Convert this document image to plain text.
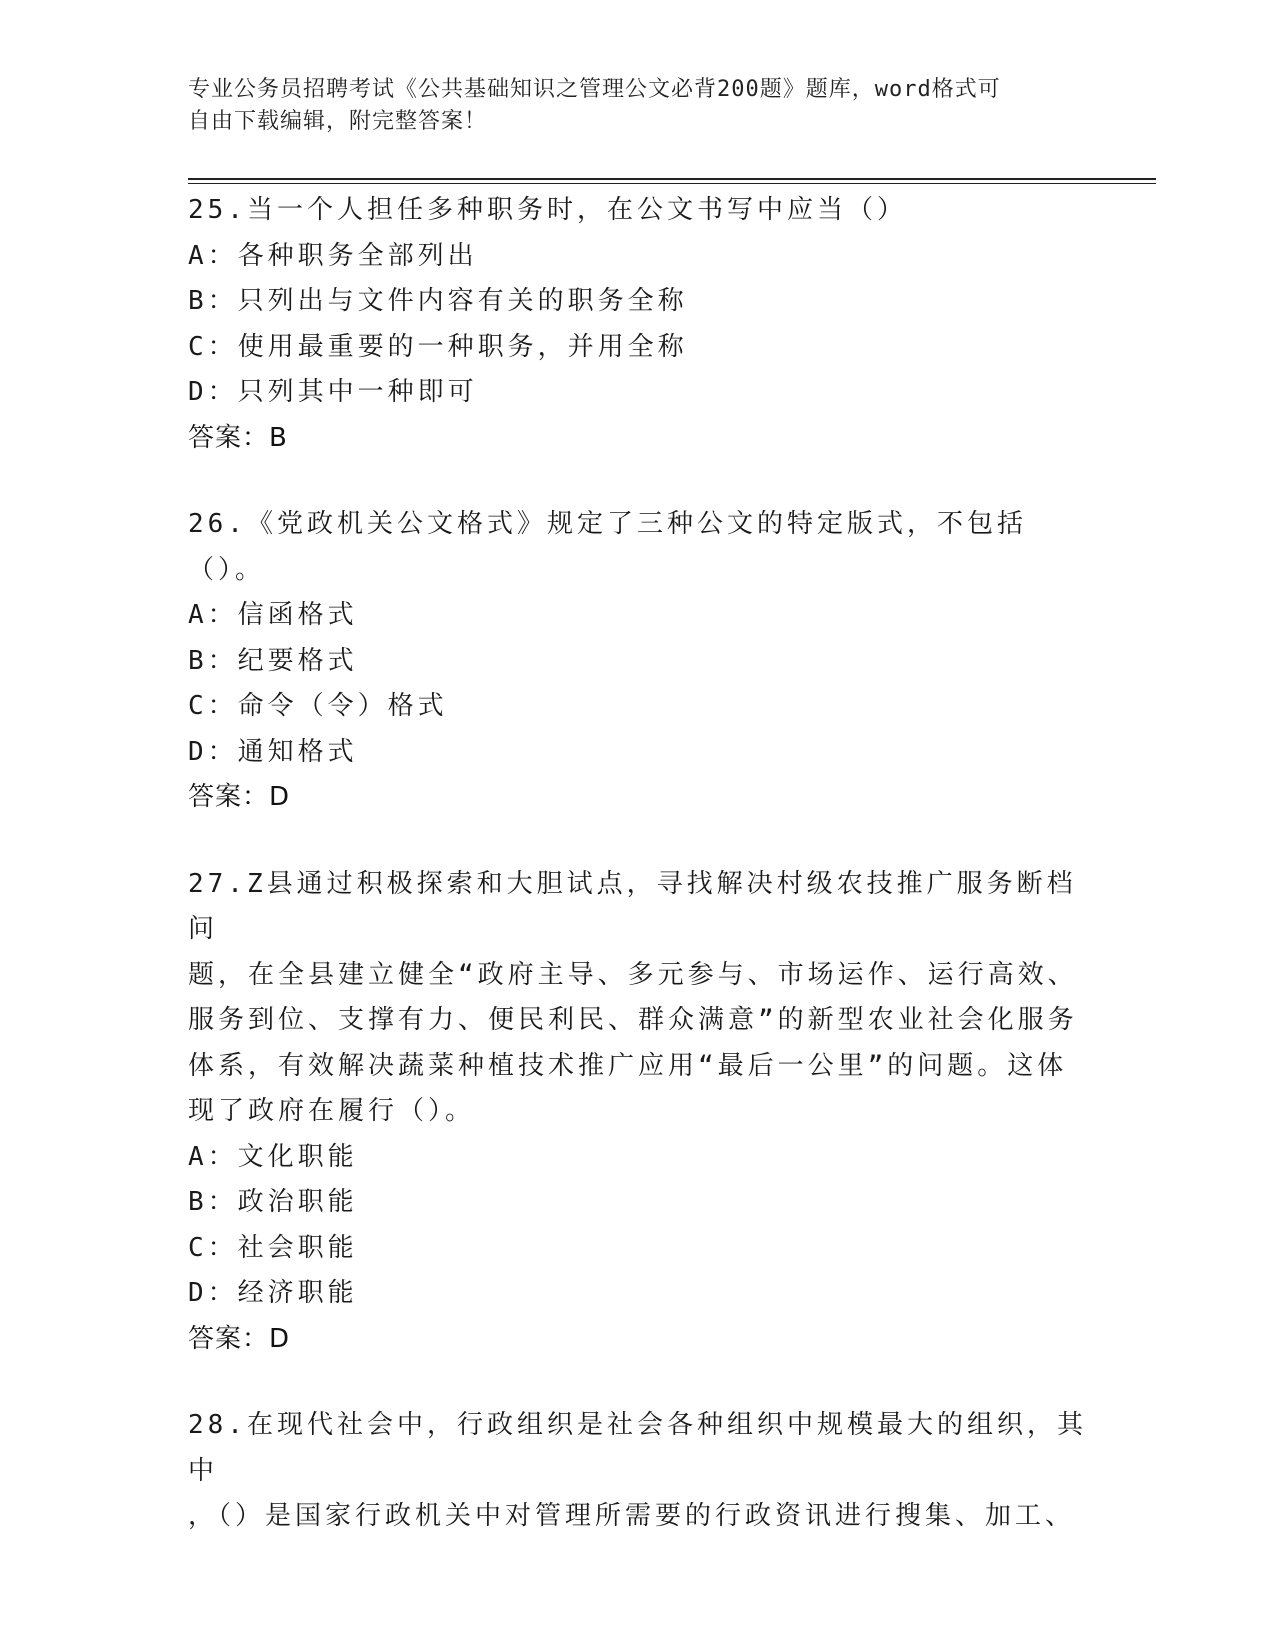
专业公务员招聘考试《公共基础知识之管理公文必背200题》题库，word格式可
自由下载编辑，附完整答案！

25.当一个人担任多种职务时，在公文书写中应当（）

A：各种职务全部列出

B：只列出与文件内容有关的职务全称

C：使用最重要的一种职务，并用全称

D：只列其中一种即可

答案：B

26.《党政机关公文格式》规定了三种公文的特定版式，不包括（）。

A：信函格式

B：纪要格式

C：命令（令）格式

D：通知格式

答案：D

27.Z县通过积极探索和大胆试点，寻找解决村级农技推广服务断档问

题，在全县建立健全“政府主导、多元参与、市场运作、运行高效、

服务到位、支撑有力、便民利民、群众满意”的新型农业社会化服务

体系，有效解决蔬菜种植技术推广应用“最后一公里”的问题。这体

现了政府在履行（）。

A：文化职能

B：政治职能

C：社会职能

D：经济职能

答案：D

28.在现代社会中，行政组织是社会各种组织中规模最大的组织，其中

，（）是国家行政机关中对管理所需要的行政资讯进行搜集、加工、
